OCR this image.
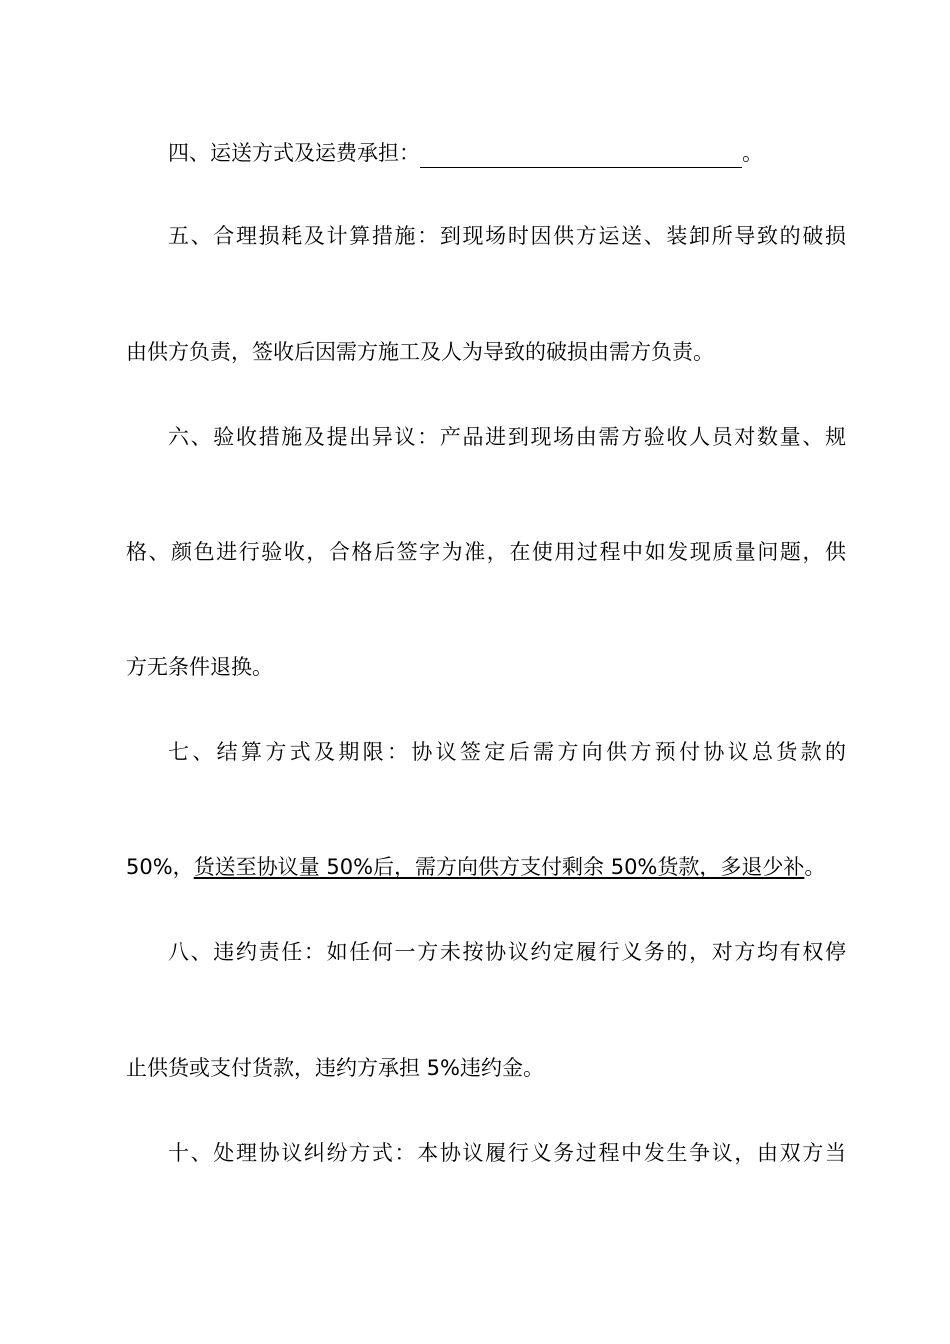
四、运送方式及运费承担：	。
五、合理损耗及计算措施：到现场时因供方运送、装卸所导致的破损
由供方负责，签收后因需方施工及人为导致的破损由需方负责。
六、验收措施及提出异议：产品进到现场由需方验收人员对数量、规
格、颜色进行验收，合格后签字为准，在使用过程中如发现质量问题，供
方无条件退换。
七、结算方式及期限：协议签定后需方向供方预付协议总货款的
50%，货送至协议量 50%后，需方向供方支付剩余 50%货款，多退少补。
八、违约责任：如任何一方未按协议约定履行义务的，对方均有权停
止供货或支付货款，违约方承担 5%违约金。
十、处理协议纠纷方式：本协议履行义务过程中发生争议，由双方当
